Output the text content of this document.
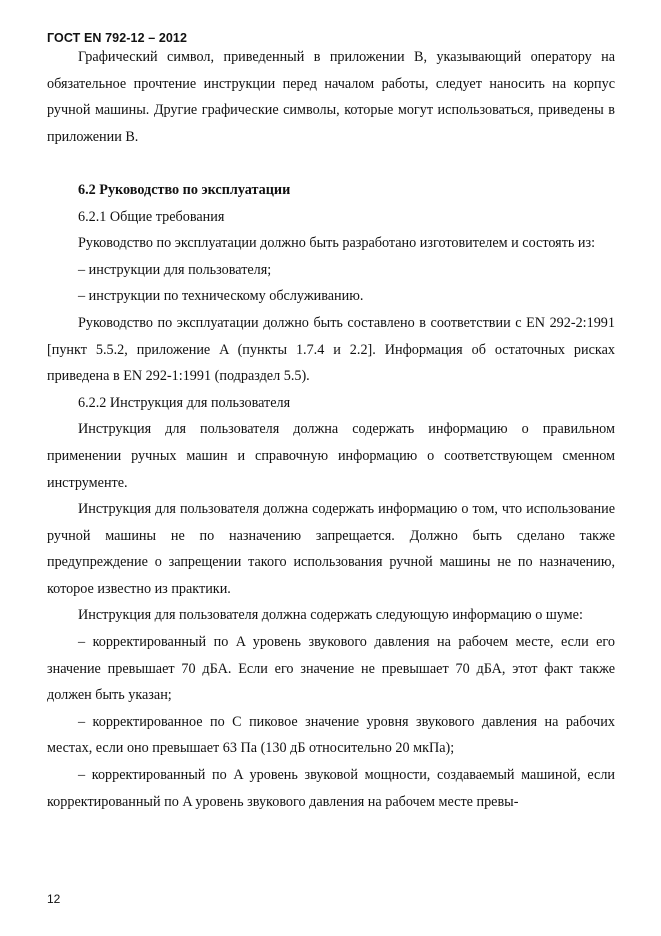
ГОСТ EN 792-12 – 2012

Графический символ, приведенный в приложении B, указывающий оператору на обязательное прочтение инструкции перед началом работы, следует наносить на корпус ручной машины. Другие графические символы, которые могут использоваться, приведены в приложении B.

6.2 Руководство по эксплуатации

6.2.1 Общие требования

Руководство по эксплуатации должно быть разработано изготовителем и состоять из:

– инструкции для пользователя;

– инструкции по техническому обслуживанию.

Руководство по эксплуатации должно быть составлено в соответствии с EN 292-2:1991 [пункт 5.5.2, приложение A (пункты 1.7.4 и 2.2]. Информация об остаточных рисках приведена в EN 292-1:1991 (подраздел 5.5).

6.2.2 Инструкция для пользователя

Инструкция для пользователя должна содержать информацию о правильном применении ручных машин и справочную информацию о соответствующем сменном инструменте.

Инструкция для пользователя должна содержать информацию о том, что использование ручной машины не по назначению запрещается. Должно быть сделано также предупреждение о запрещении такого использования ручной машины не по назначению, которое известно из практики.

Инструкция для пользователя должна содержать следующую информацию о шуме:

– корректированный по A уровень звукового давления на рабочем месте, если его значение превышает 70 дБА. Если его значение не превышает 70 дБА, этот факт также должен быть указан;

– корректированное по C пиковое значение уровня звукового давления на рабочих местах, если оно превышает 63 Па (130 дБ относительно 20 мкПа);

– корректированный по A уровень звуковой мощности, создаваемый машиной, если корректированный по A уровень звукового давления на рабочем месте превы-

12
